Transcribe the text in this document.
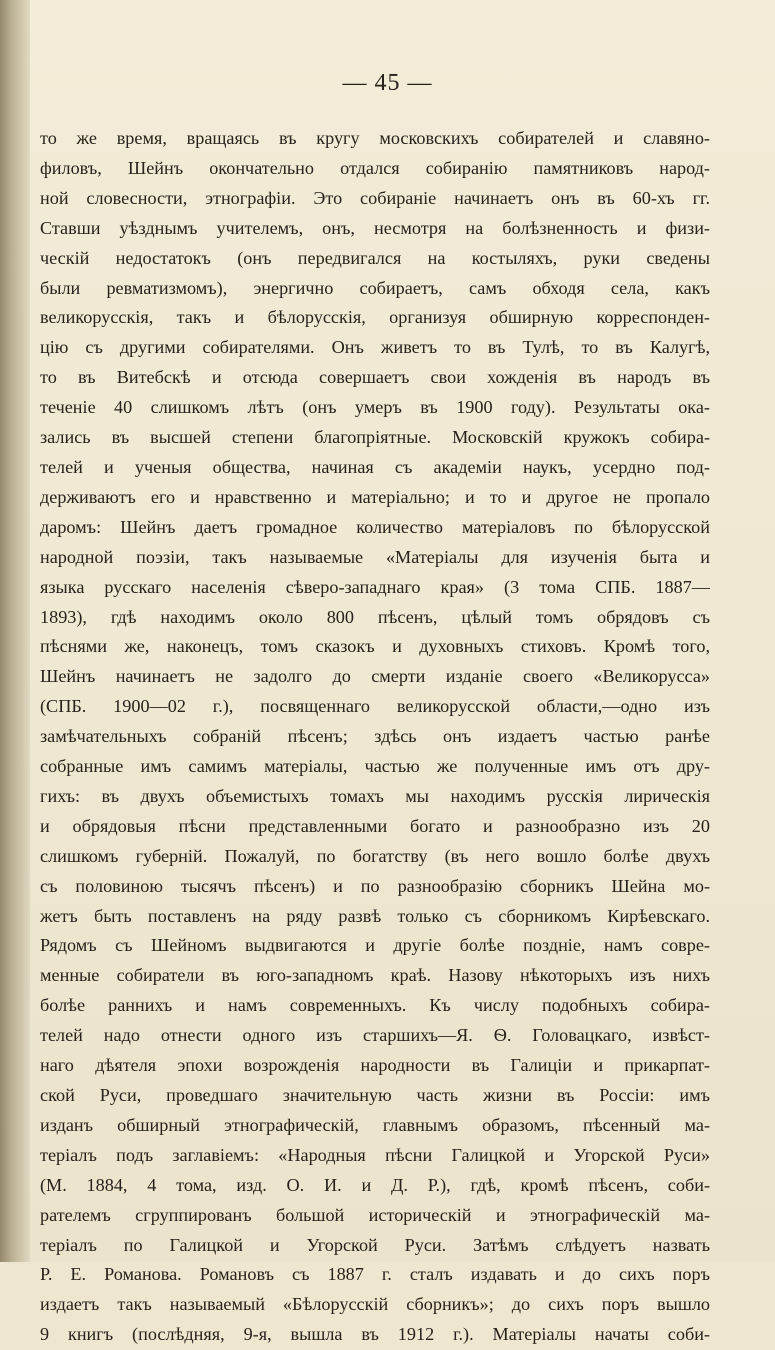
— 45 —
то же время, вращаясь въ кругу московскихъ собирателей и славяно-
филовъ, Шейнъ окончательно отдался собиранію памятниковъ народ-
ной словесности, этнографіи. Это собираніе начинаетъ онъ въ 60-хъ гг.
Ставши уѣзднымъ учителемъ, онъ, несмотря на болѣзненность и физи-
ческій недостатокъ (онъ передвигался на костыляхъ, руки сведены
были ревматизмомъ), энергично собираетъ, самъ обходя села, какъ
великорусскія, такъ и бѣлорусскія, организуя обширную корреспонден-
цію съ другими собирателями. Онъ живетъ то въ Тулѣ, то въ Калугѣ,
то въ Витебскѣ и отсюда совершаетъ свои хожденія въ народъ въ
теченіе 40 слишкомъ лѣтъ (онъ умеръ въ 1900 году). Результаты ока-
зались въ высшей степени благопріятные. Московскій кружокъ собира-
телей и ученыя общества, начиная съ академіи наукъ, усердно под-
держиваютъ его и нравственно и матеріально; и то и другое не пропало
даромъ: Шейнъ даетъ громадное количество матеріаловъ по бѣлорусской
народной поэзіи, такъ называемые «Матеріалы для изученія быта и
языка русскаго населенія сѣверо-западнаго края» (3 тома СПБ. 1887—
1893), гдѣ находимъ около 800 пѣсенъ, цѣлый томъ обрядовъ съ
пѣснями же, наконецъ, томъ сказокъ и духовныхъ стиховъ. Кромѣ того,
Шейнъ начинаетъ не задолго до смерти изданіе своего «Великорусса»
(СПБ. 1900—02 г.), посвященнаго великорусской области,—одно изъ
замѣчательныхъ собраній пѣсенъ; здѣсь онъ издаетъ частью ранѣе
собранные имъ самимъ матеріалы, частью же полученные имъ отъ дру-
гихъ: въ двухъ объемистыхъ томахъ мы находимъ русскія лирическія
и обрядовыя пѣсни представленными богато и разнообразно изъ 20
слишкомъ губерній. Пожалуй, по богатству (въ него вошло болѣе двухъ
съ половиною тысячъ пѣсенъ) и по разнообразію сборникъ Шейна мо-
жетъ быть поставленъ на ряду развѣ только съ сборникомъ Кирѣевскаго.
Рядомъ съ Шейномъ выдвигаются и другіе болѣе поздніе, намъ совре-
менные собиратели въ юго-западномъ краѣ. Назову нѣкоторыхъ изъ нихъ
болѣе раннихъ и намъ современныхъ. Къ числу подобныхъ собира-
телей надо отнести одного изъ старшихъ—Я. Ѳ. Головацкаго, извѣст-
наго дѣятеля эпохи возрожденія народности въ Галиціи и прикарпат-
ской Руси, проведшаго значительную часть жизни въ Россіи: имъ
изданъ обширный этнографическій, главнымъ образомъ, пѣсенный ма-
теріалъ подъ заглавіемъ: «Народныя пѣсни Галицкой и Угорской Руси»
(М. 1884, 4 тома, изд. О. И. и Д. Р.), гдѣ, кромѣ пѣсенъ, соби-
рателемъ сгруппированъ большой историческій и этнографическій ма-
теріалъ по Галицкой и Угорской Руси. Затѣмъ слѣдуетъ назвать
Р. Е. Романова. Романовъ съ 1887 г. сталъ издавать и до сихъ поръ
издаетъ такъ называемый «Бѣлорусскій сборникъ»; до сихъ поръ вышло
9 книгъ (послѣдняя, 9-я, вышла въ 1912 г.). Матеріалы начаты соби-
